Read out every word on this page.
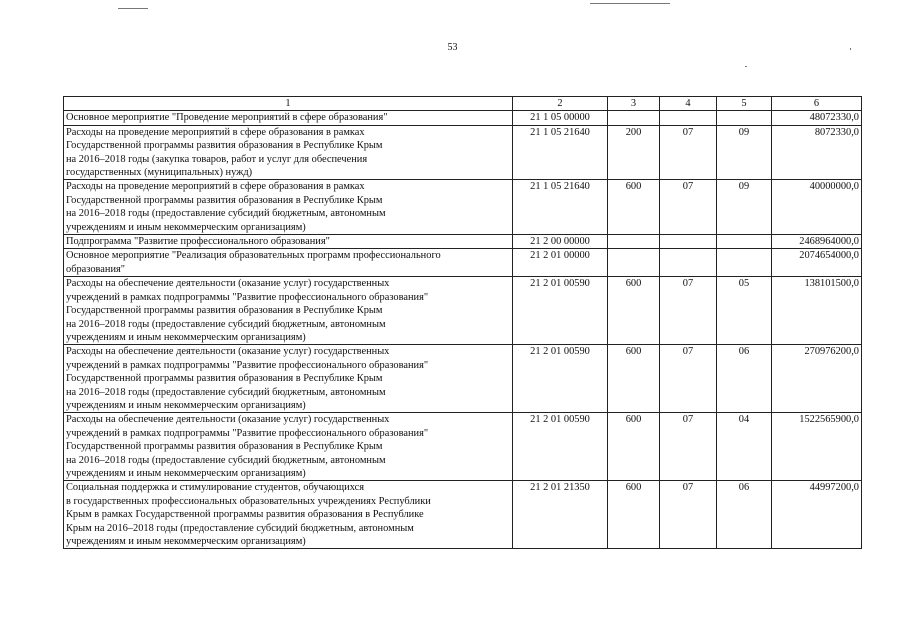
53
1	2	3	4	5	6
Основное мероприятие "Проведение мероприятий в сфере образования"	21 1 05 00000				48072330,0
Расходы на проведение мероприятий в сфере образования в рамках
Государственной программы развития образования в Республике Крым
на 2016–2018 годы (закупка товаров, работ и услуг для обеспечения
государственных (муниципальных) нужд)	21 1 05 21640	200	07	09	8072330,0
Расходы на проведение мероприятий в сфере образования в рамках
Государственной программы развития образования в Республике Крым
на 2016–2018 годы (предоставление субсидий бюджетным, автономным
учреждениям и иным некоммерческим организациям)	21 1 05 21640	600	07	09	40000000,0
Подпрограмма "Развитие профессионального образования"	21 2 00 00000				2468964000,0
Основное мероприятие "Реализация образовательных программ профессионального
образования"	21 2 01 00000				2074654000,0
Расходы на обеспечение деятельности (оказание услуг) государственных
учреждений в рамках подпрограммы "Развитие профессионального образования"
Государственной программы развития образования в Республике Крым
на 2016–2018 годы (предоставление субсидий бюджетным, автономным
учреждениям и иным некоммерческим организациям)	21 2 01 00590	600	07	05	138101500,0
Расходы на обеспечение деятельности (оказание услуг) государственных
учреждений в рамках подпрограммы "Развитие профессионального образования"
Государственной программы развития образования в Республике Крым
на 2016–2018 годы (предоставление субсидий бюджетным, автономным
учреждениям и иным некоммерческим организациям)	21 2 01 00590	600	07	06	270976200,0
Расходы на обеспечение деятельности (оказание услуг) государственных
учреждений в рамках подпрограммы "Развитие профессионального образования"
Государственной программы развития образования в Республике Крым
на 2016–2018 годы (предоставление субсидий бюджетным, автономным
учреждениям и иным некоммерческим организациям)	21 2 01 00590	600	07	04	1522565900,0
Социальная поддержка и стимулирование студентов, обучающихся
в государственных профессиональных образовательных учреждениях Республики
Крым в рамках Государственной программы развития образования в Республике
Крым на 2016–2018 годы (предоставление субсидий бюджетным, автономным
учреждениям и иным некоммерческим организациям)	21 2 01 21350	600	07	06	44997200,0
